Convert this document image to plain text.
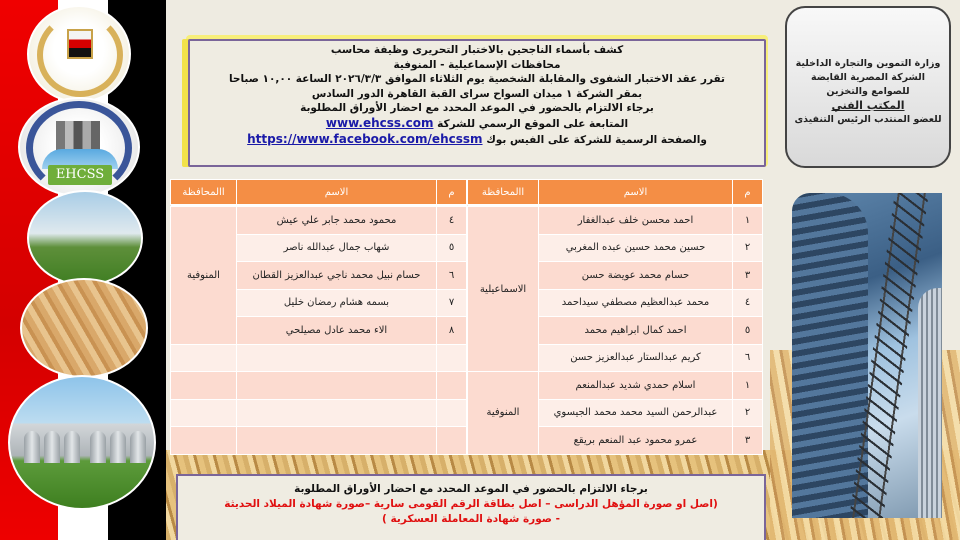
EHCSS
كشف بأسماء الناجحين بالاختبار التحريرى وظيفة محاسب
محافظات الإسماعيلية - المنوفية
تقرر عقد الاختبار الشفوى والمقابلة الشخصية يوم الثلاثاء الموافق ٢٠٢٦/٣/٣ الساعة ١٠,٠٠ صباحا
بمقر الشركة ١ ميدان السواح سراى القبة القاهرة الدور السادس
برجاء الالتزام بالحضور في الموعد المحدد مع احضار الأوراق المطلوبة
المتابعة على الموقع الرسمي للشركة www.ehcss.com
والصفحة الرسمية للشركة على الفيس بوك https://www.facebook.com/ehcssm
وزارة التموين والتجارة الداخلية
الشركة المصرية القابضة
للصوامع والتخزين
المكتب الفني
للعضو المنتدب الرئيس التنفيذى
م	الاسم	االمحافظة

١	احمد محسن خلف عبدالغفار	الاسماعيلية
٢	حسين محمد حسين عبده المغربي	
٣	حسام محمد عويضة حسن	
٤	محمد عبدالعظيم مصطفي سيداحمد	
٥	احمد كمال ابراهيم محمد	
٦	كريم عبدالستار عبدالعزيز حسن	
١	اسلام حمدي شديد عبدالمنعم	المنوفية
٢	عبدالرحمن السيد محمد محمد الجيسوي	
٣	عمرو محمود عبد المنعم بريقع	
م	الاسم	االمحافظة

٤	محمود محمد جابر علي عيش	المنوفية
٥	شهاب جمال عبدالله ناصر	
٦	حسام نبيل محمد ناجي عبدالعزيز القطان	
٧	بسمه هشام رمضان خليل	
٨	الاء محمد عادل مصيلحي	

برجاء الالتزام بالحضور في الموعد المحدد مع احضار الأوراق المطلوبة
(اصل او صورة المؤهل الدراسى – اصل بطاقة الرقم القومى سارية –صورة شهادة الميلاد الحديثة
- صورة شهادة المعاملة العسكرية )
